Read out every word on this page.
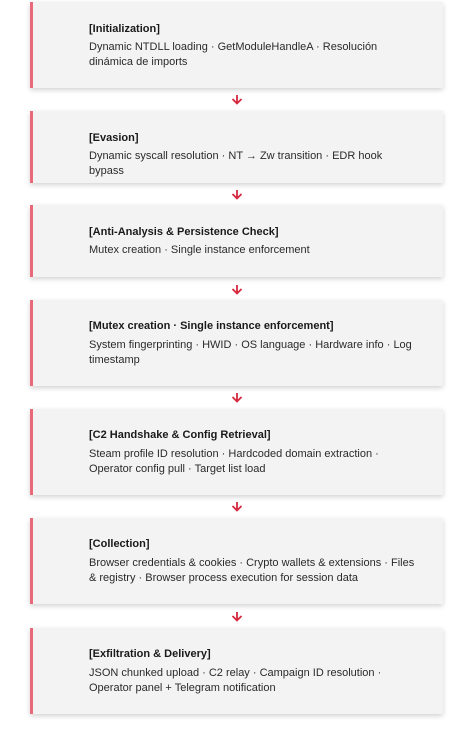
[Initialization]
Dynamic NTDLL loading · GetModuleHandleA · Resolución dinámica de imports
[Evasion]
Dynamic syscall resolution · NT → Zw transition · EDR hook bypass
[Anti-Analysis & Persistence Check]
Mutex creation · Single instance enforcement
[Mutex creation · Single instance enforcement]
System fingerprinting · HWID · OS language · Hardware info · Log timestamp
[C2 Handshake & Config Retrieval]
Steam profile ID resolution · Hardcoded domain extraction · Operator config pull · Target list load
[Collection]
Browser credentials & cookies · Crypto wallets & extensions · Files & registry · Browser process execution for session data
[Exfiltration & Delivery]
JSON chunked upload · C2 relay · Campaign ID resolution · Operator panel + Telegram notification
